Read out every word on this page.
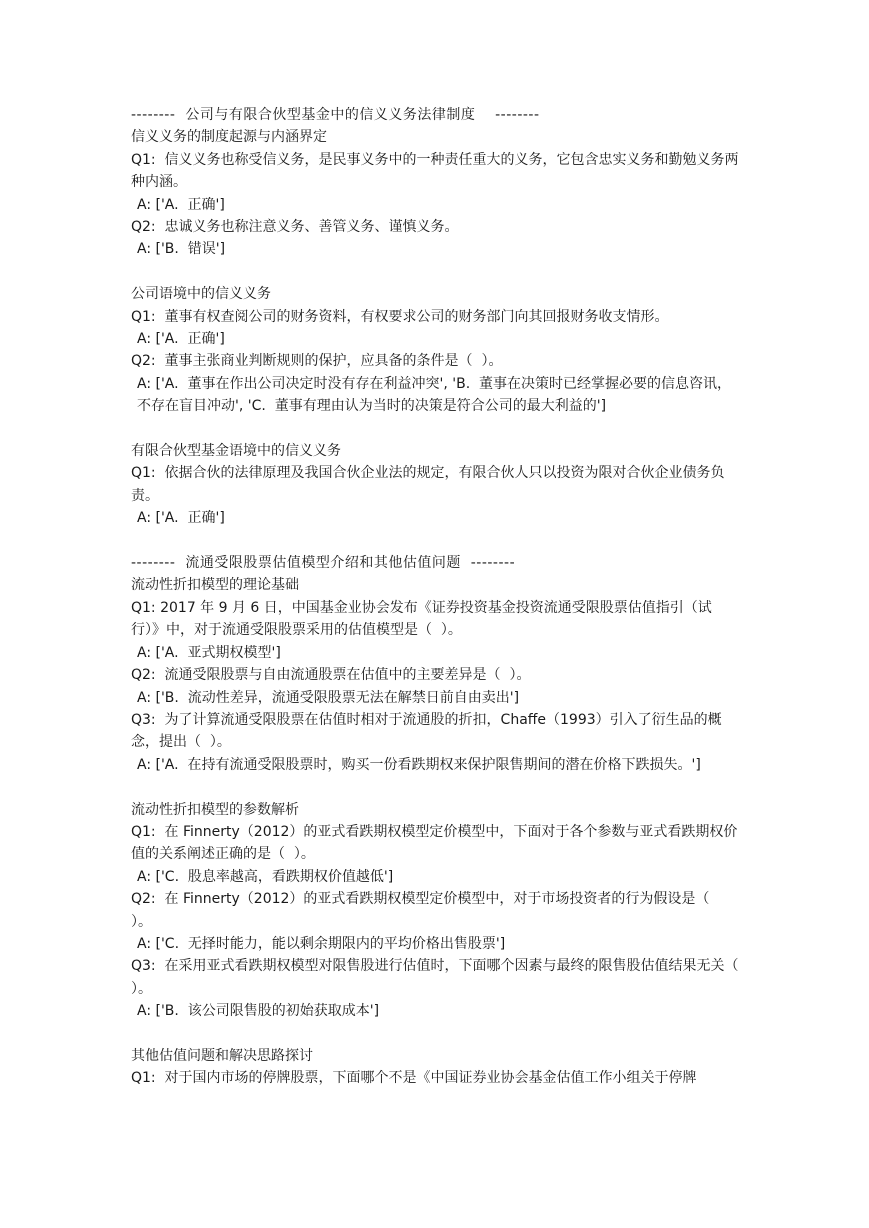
--------  公司与有限合伙型基金中的信义义务法律制度    --------
信义义务的制度起源与内涵界定
Q1:  信义义务也称受信义务，是民事义务中的一种责任重大的义务，它包含忠实义务和勤勉义务两种内涵。
A: ['A.  正确']
Q2:  忠诚义务也称注意义务、善管义务、谨慎义务。
A: ['B.  错误']
公司语境中的信义义务
Q1:  董事有权查阅公司的财务资料，有权要求公司的财务部门向其回报财务收支情形。
A: ['A.  正确']
Q2:  董事主张商业判断规则的保护，应具备的条件是（  ）。
A: ['A.  董事在作出公司决定时没有存在利益冲突', 'B.  董事在决策时已经掌握必要的信息咨讯，不存在盲目冲动', 'C.  董事有理由认为当时的决策是符合公司的最大利益的']
有限合伙型基金语境中的信义义务
Q1:  依据合伙的法律原理及我国合伙企业法的规定，有限合伙人只以投资为限对合伙企业债务负责。
A: ['A.  正确']
--------  流通受限股票估值模型介绍和其他估值问题  --------
流动性折扣模型的理论基础
Q1: 2017 年 9 月 6 日，中国基金业协会发布《证券投资基金投资流通受限股票估值指引（试行）》中，对于流通受限股票采用的估值模型是（  ）。
A: ['A.  亚式期权模型']
Q2:  流通受限股票与自由流通股票在估值中的主要差异是（  ）。
A: ['B.  流动性差异，流通受限股票无法在解禁日前自由卖出']
Q3:  为了计算流通受限股票在估值时相对于流通股的折扣，Chaffe（1993）引入了衍生品的概念，提出（  ）。
A: ['A.  在持有流通受限股票时，购买一份看跌期权来保护限售期间的潜在价格下跌损失。']
流动性折扣模型的参数解析
Q1:  在 Finnerty（2012）的亚式看跌期权模型定价模型中，下面对于各个参数与亚式看跌期权价值的关系阐述正确的是（  ）。
A: ['C.  股息率越高，看跌期权价值越低']
Q2:  在 Finnerty（2012）的亚式看跌期权模型定价模型中，对于市场投资者的行为假设是（  ）。
A: ['C.  无择时能力，能以剩余期限内的平均价格出售股票']
Q3:  在采用亚式看跌期权模型对限售股进行估值时，下面哪个因素与最终的限售股估值结果无关（  ）。
A: ['B.  该公司限售股的初始获取成本']
其他估值问题和解决思路探讨
Q1:  对于国内市场的停牌股票，下面哪个不是《中国证券业协会基金估值工作小组关于停牌
